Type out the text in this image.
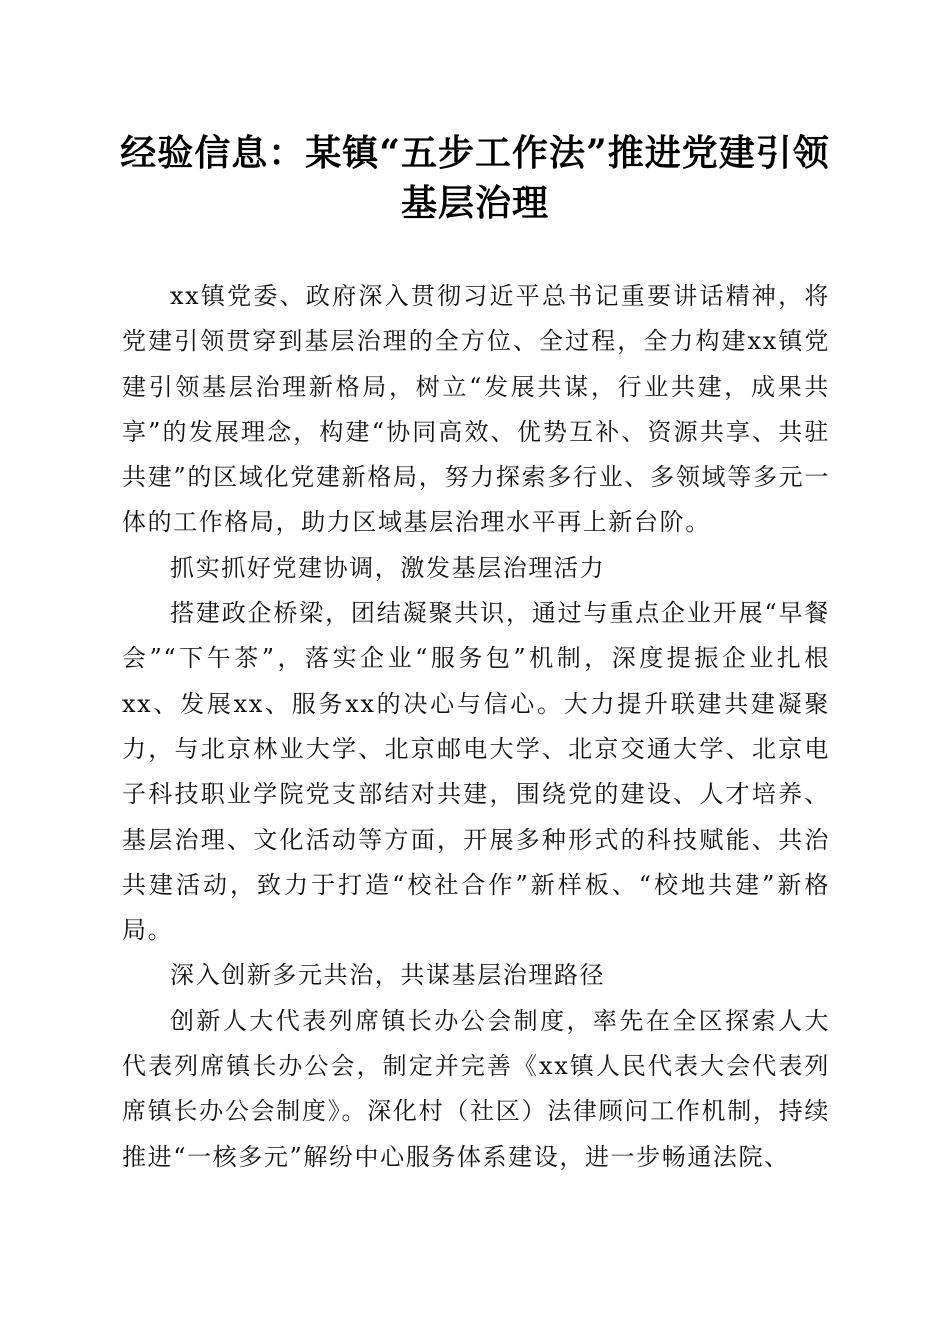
经验信息：某镇“五步工作法”推进党建引领
基层治理

xx镇党委、政府深入贯彻习近平总书记重要讲话精神，将党建引领贯穿到基层治理的全方位、全过程，全力构建xx镇党建引领基层治理新格局，树立“发展共谋，行业共建，成果共享”的发展理念，构建“协同高效、优势互补、资源共享、共驻共建”的区域化党建新格局，努力探索多行业、多领域等多元一体的工作格局，助力区域基层治理水平再上新台阶。

抓实抓好党建协调，激发基层治理活力

搭建政企桥梁，团结凝聚共识，通过与重点企业开展“早餐会”“下午茶”，落实企业“服务包”机制，深度提振企业扎根xx、发展xx、服务xx的决心与信心。大力提升联建共建凝聚力，与北京林业大学、北京邮电大学、北京交通大学、北京电子科技职业学院党支部结对共建，围绕党的建设、人才培养、基层治理、文化活动等方面，开展多种形式的科技赋能、共治共建活动，致力于打造“校社合作”新样板、“校地共建”新格局。

深入创新多元共治，共谋基层治理路径

创新人大代表列席镇长办公会制度，率先在全区探索人大代表列席镇长办公会，制定并完善《xx镇人民代表大会代表列席镇长办公会制度》。深化村（社区）法律顾问工作机制，持续推进“一核多元”解纷中心服务体系建设，进一步畅通法院、
